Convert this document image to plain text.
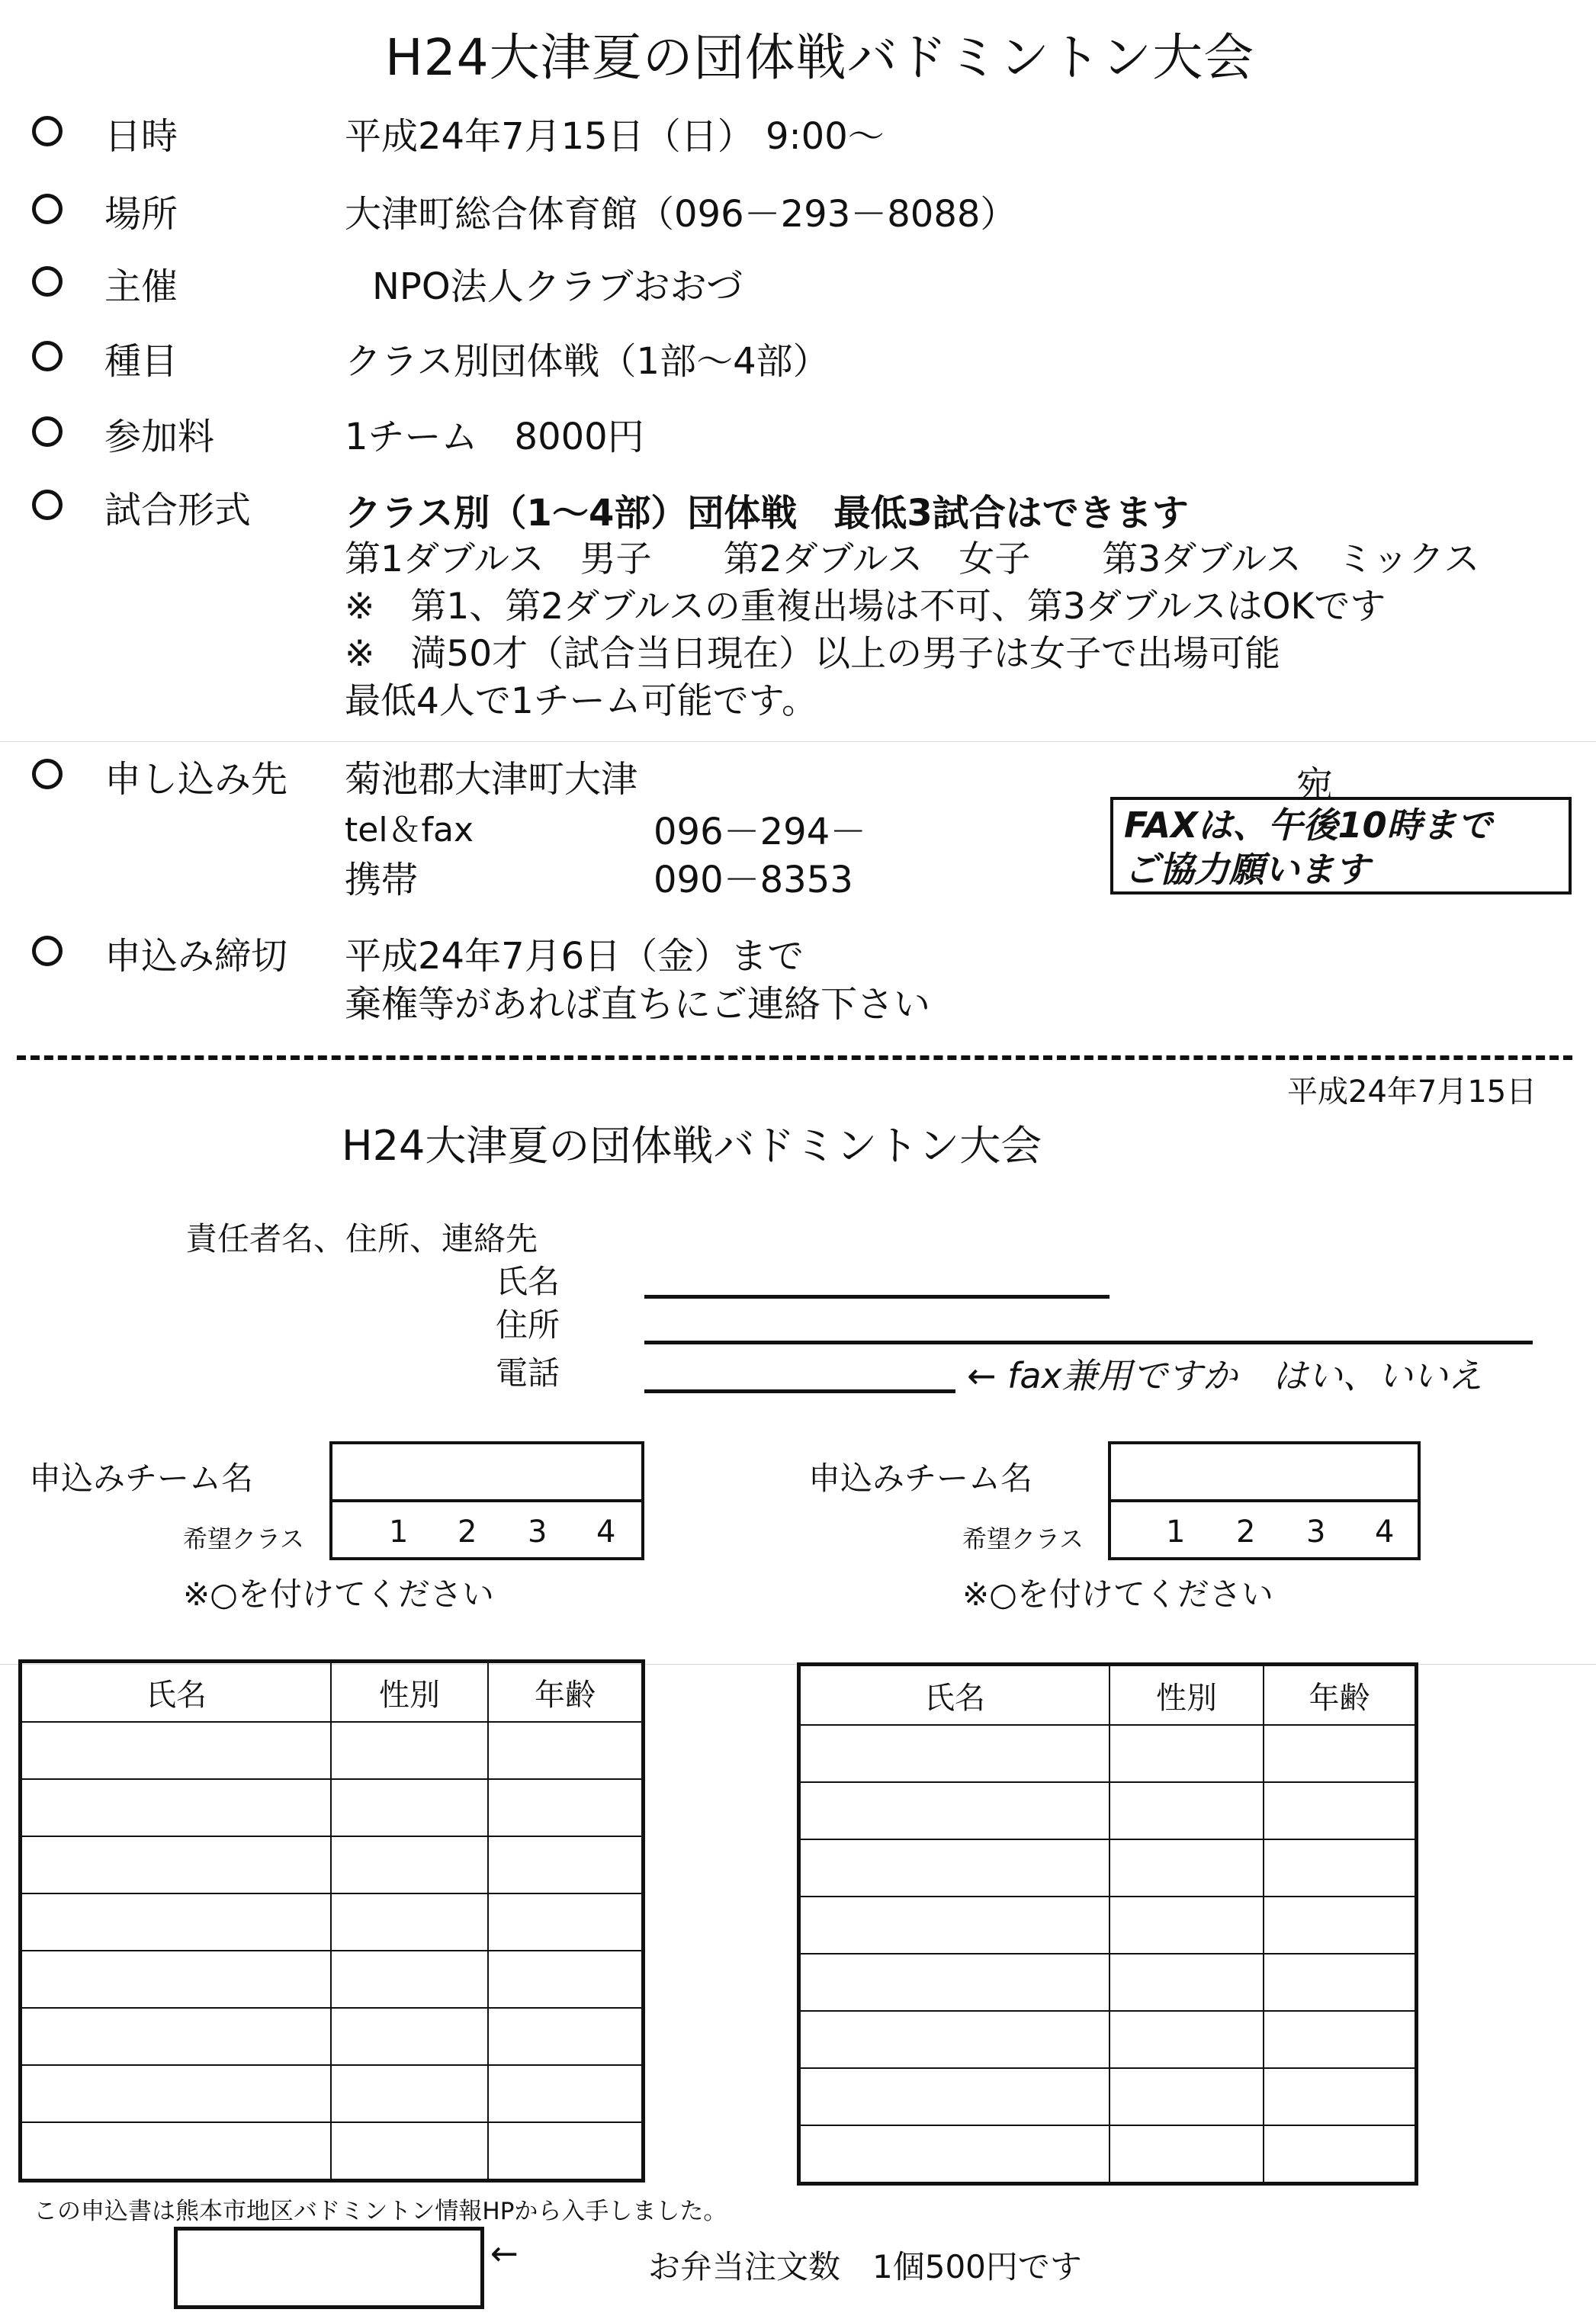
H24大津夏の団体戦バドミントン大会
日時	平成24年7月15日（日） 9:00～
場所	大津町総合体育館（096－293－8088）
主催	NPO法人クラブおおづ
種目	クラス別団体戦（1部～4部）
参加料	1チーム　8000円
試合形式	クラス別（1～4部）団体戦　最低3試合はできます
第1ダブルス　男子　　第2ダブルス　女子　　第3ダブルス　ミックス
※　第1、第2ダブルスの重複出場は不可、第3ダブルスはOKです
※　満50才（試合当日現在）以上の男子は女子で出場可能
最低4人で1チーム可能です。
申し込み先 菊池郡大津町大津	宛
tel＆fax	096－294－
携帯	090－8353
FAXは、午後10時まで
ご協力願います
申込み締切 平成24年7月6日（金）まで
棄権等があれば直ちにご連絡下さい
平成24年7月15日
H24大津夏の団体戦バドミントン大会
責任者名、住所、連絡先
氏名
住所
電話	← fax兼用ですか　はい、いいえ
申込みチーム名
希望クラス	1 2 3 4
※○を付けてください
申込みチーム名
希望クラス	1 2 3 4
※○を付けてください
氏名	性別	年齢

			氏名	性別	年齢

この申込書は熊本市地区バドミントン情報HPから入手しました。
←	お弁当注文数　1個500円です
